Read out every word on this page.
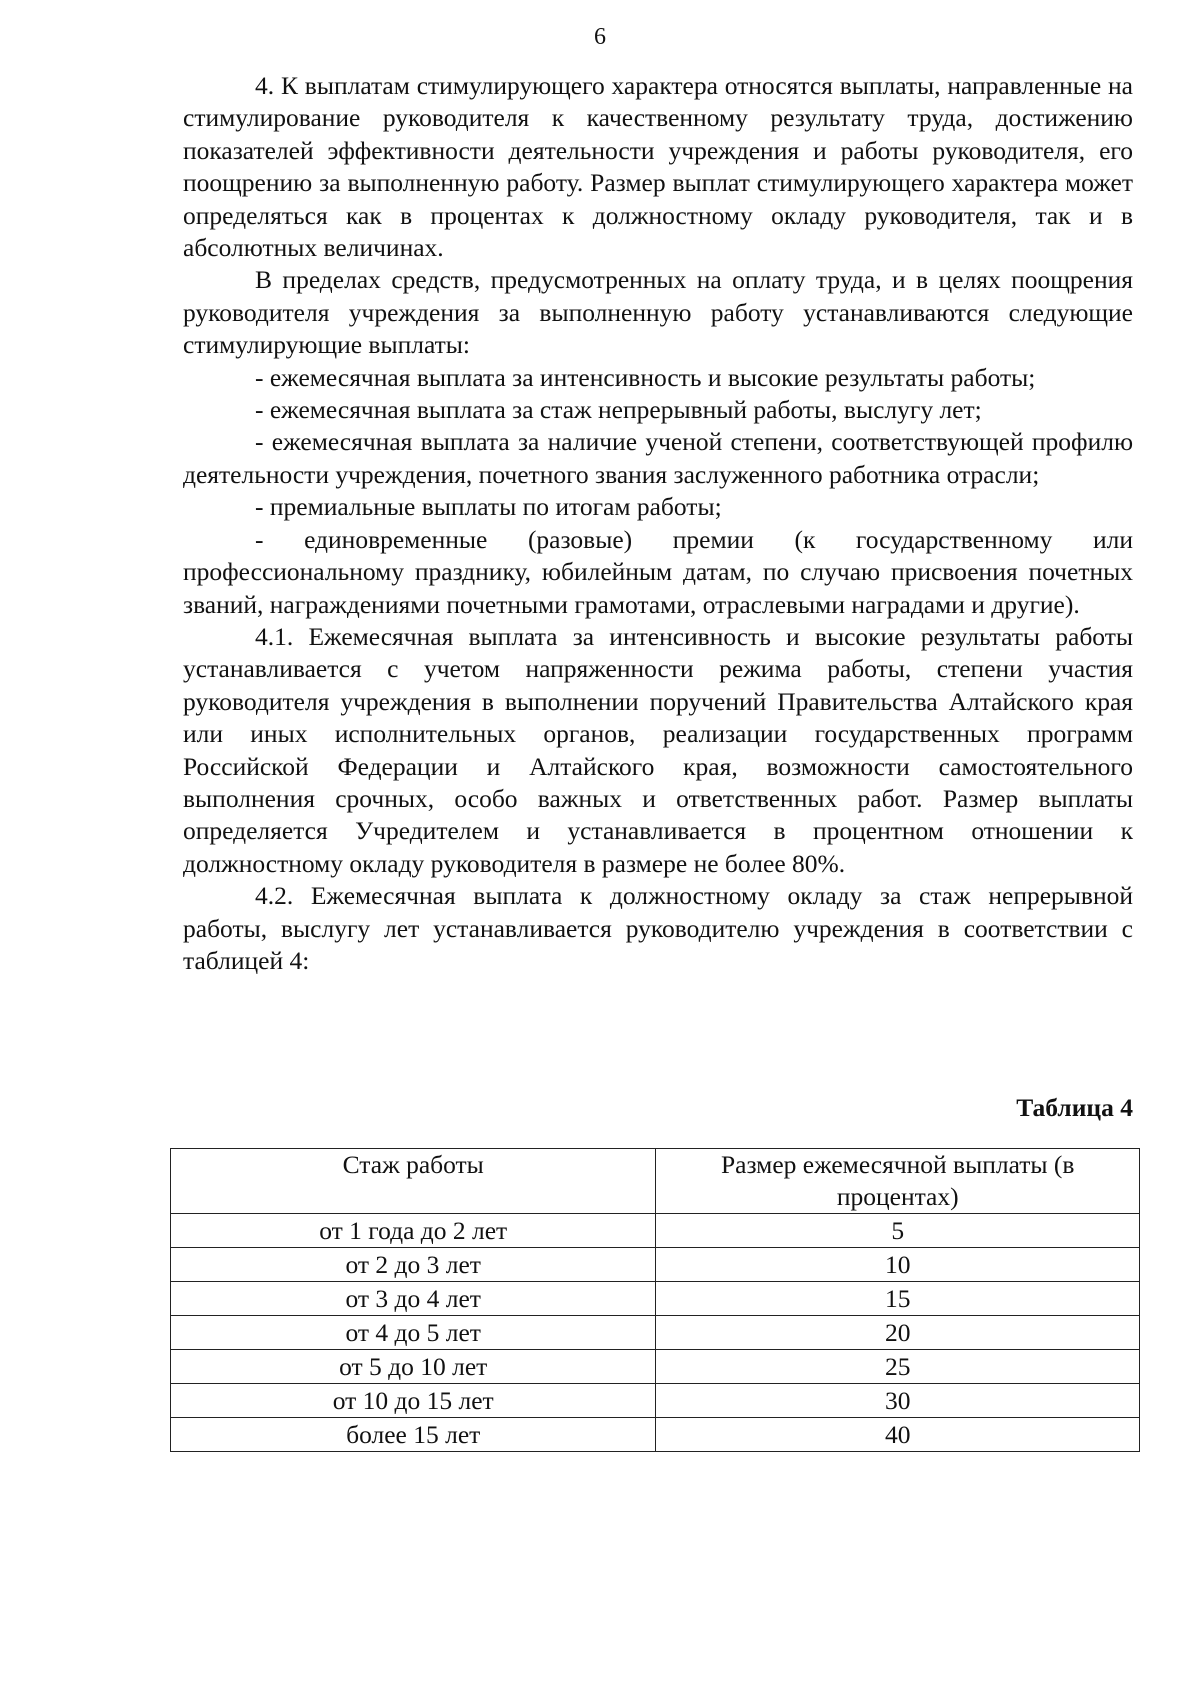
6

4. К выплатам стимулирующего характера относятся выплаты, направленные на стимулирование руководителя к качественному результату труда, достижению показателей эффективности деятельности учреждения и работы руководителя, его поощрению за выполненную работу. Размер выплат стимулирующего характера может определяться как в процентах к должностному окладу руководителя, так и в абсолютных величинах.

В пределах средств, предусмотренных на оплату труда, и в целях поощрения руководителя учреждения за выполненную работу устанавливаются следующие стимулирующие выплаты:

- ежемесячная выплата за интенсивность и высокие результаты работы;

- ежемесячная выплата за стаж непрерывный работы, выслугу лет;

- ежемесячная выплата за наличие ученой степени, соответствующей профилю деятельности учреждения, почетного звания заслуженного работника отрасли;

- премиальные выплаты по итогам работы;

- единовременные (разовые) премии (к государственному или профессиональному празднику, юбилейным датам, по случаю присвоения почетных званий, награждениями почетными грамотами, отраслевыми наградами и другие).

4.1. Ежемесячная выплата за интенсивность и высокие результаты работы устанавливается с учетом напряженности режима работы, степени участия руководителя учреждения в выполнении поручений Правительства Алтайского края или иных исполнительных органов, реализации государственных программ Российской Федерации и Алтайского края, возможности самостоятельного выполнения срочных, особо важных и ответственных работ. Размер выплаты определяется Учредителем и устанавливается в процентном отношении к должностному окладу руководителя в размере не более 80%.

4.2. Ежемесячная выплата к должностному окладу за стаж непрерывной работы, выслугу лет устанавливается руководителю учреждения в соответствии с таблицей 4:

Таблица 4
Стаж работы	Размер ежемесячной выплаты (в процентах)
от 1 года до 2 лет	5
от 2 до 3 лет	10
от 3 до 4 лет	15
от 4 до 5 лет	20
от 5 до 10 лет	25
от 10 до 15 лет	30
более 15 лет	40
